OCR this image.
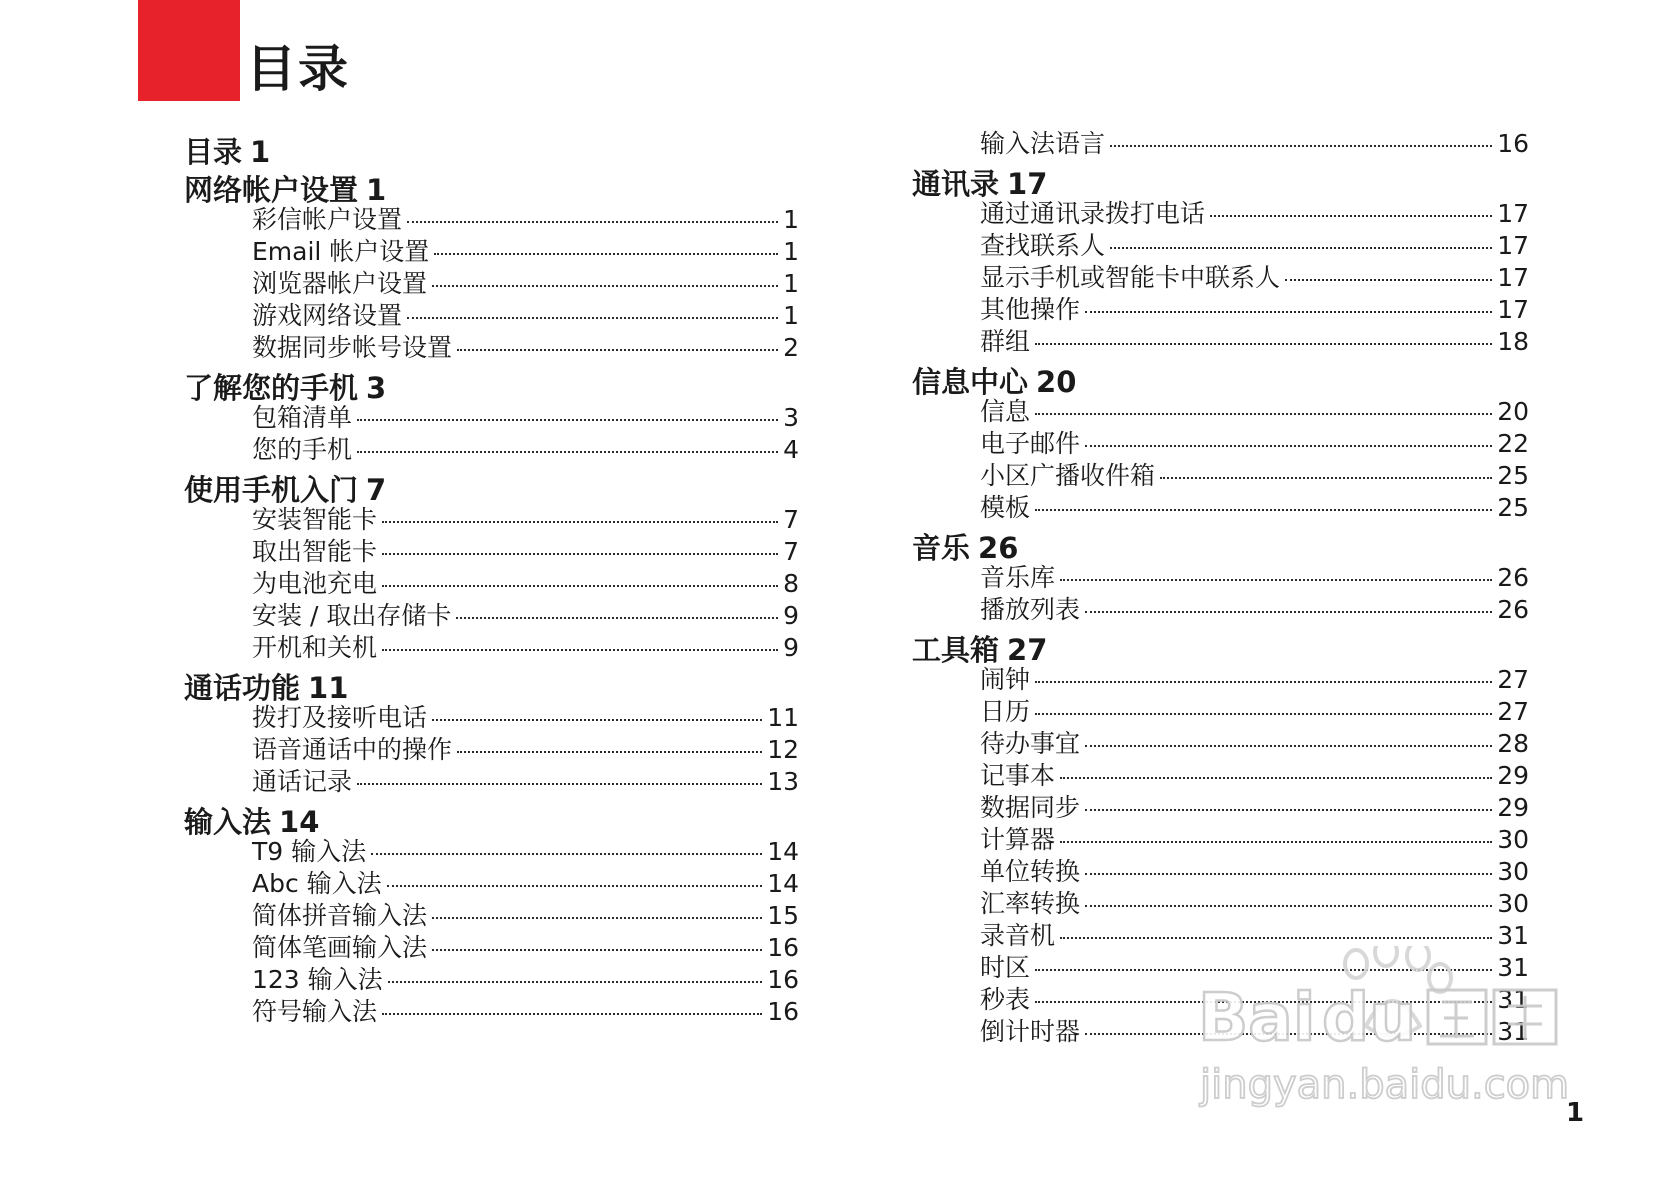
目录
目录 1
网络帐户设置 1
彩信帐户设置	1
Email 帐户设置	1
浏览器帐户设置	1
游戏网络设置	1
数据同步帐号设置	2
了解您的手机 3
包箱清单	3
您的手机	4
使用手机入门 7
安装智能卡	7
取出智能卡	7
为电池充电	8
安装 / 取出存储卡	9
开机和关机	9
通话功能 11
拨打及接听电话	11
语音通话中的操作	12
通话记录	13
输入法 14
T9 输入法	14
Abc 输入法	14
简体拼音输入法	15
简体笔画输入法	16
123 输入法	16
符号输入法	16
输入法语言	16
通讯录 17
通过通讯录拨打电话	17
查找联系人	17
显示手机或智能卡中联系人	17
其他操作	17
群组	18
信息中心 20
信息	20
电子邮件	22
小区广播收件箱	25
模板	25
音乐 26
音乐库	26
播放列表	26
工具箱 27
闹钟	27
日历	27
待办事宜	28
记事本	29
数据同步	29
计算器	30
单位转换	30
汇率转换	30
录音机	31
时区	31
秒表	31
倒计时器	31
1
Bai du
jingyan.baidu.com
